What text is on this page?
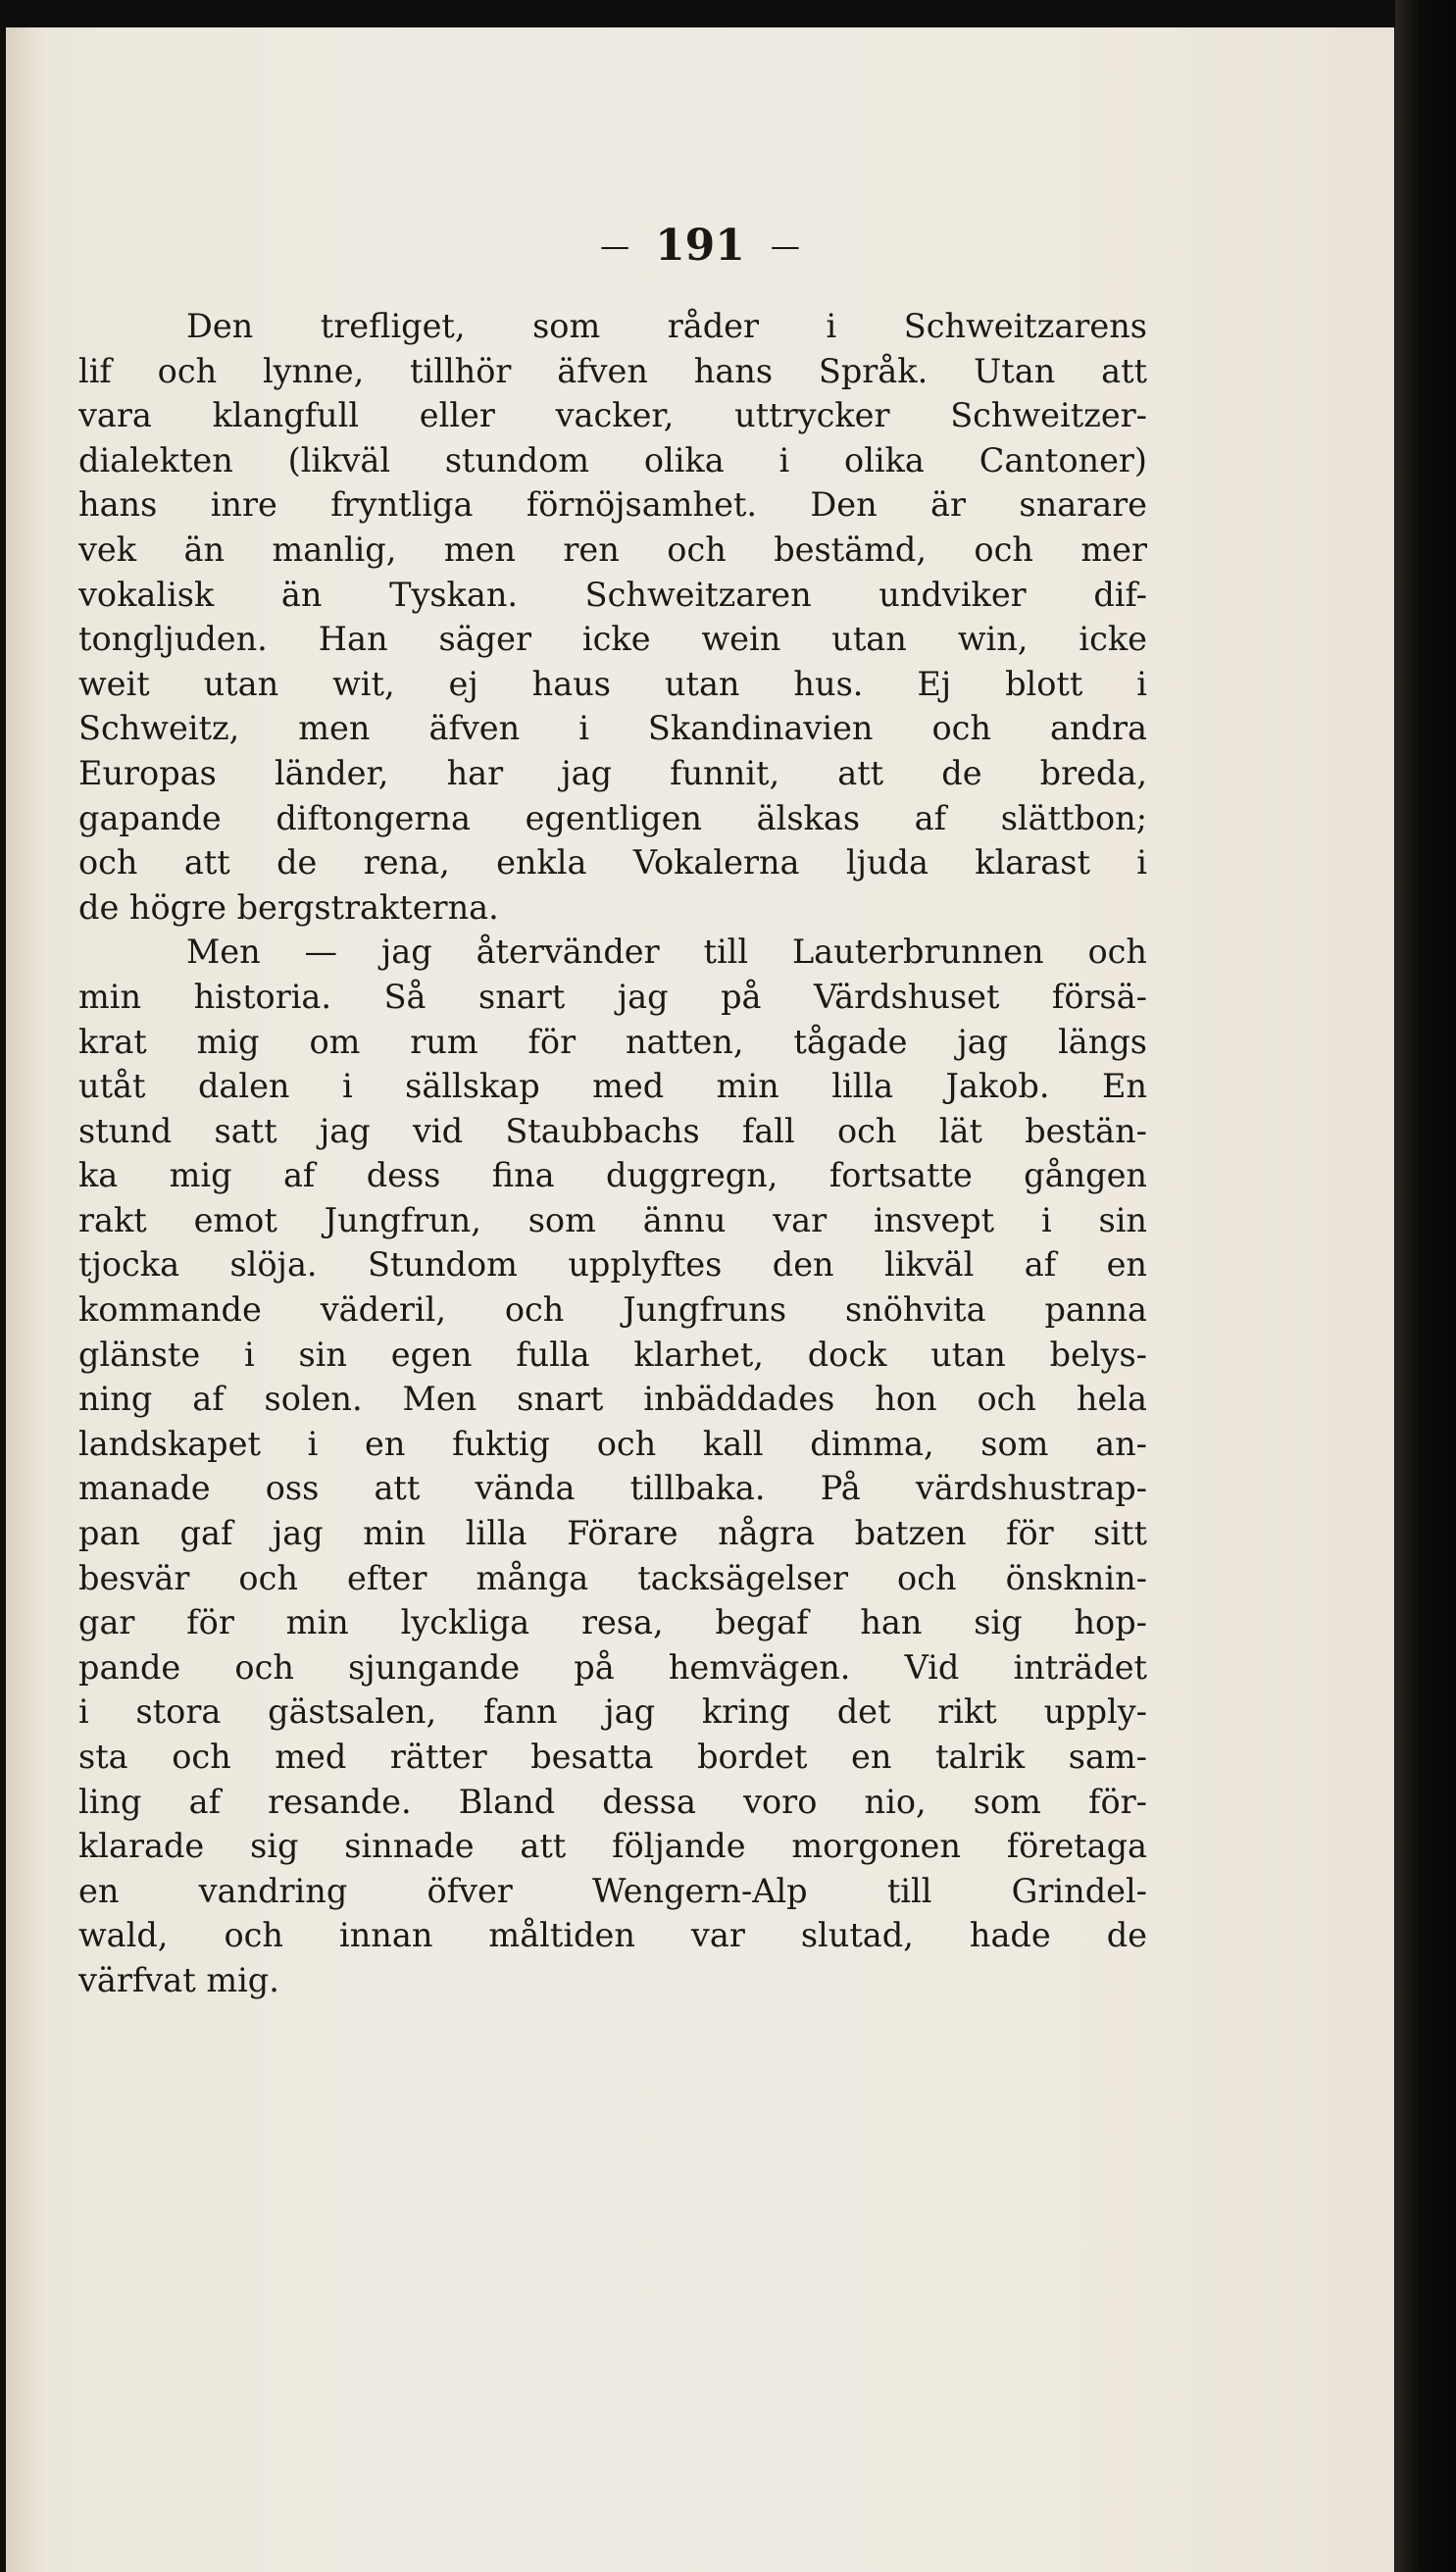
— 191 —
Den trefliget, som råder i Schweitzarens
lif och lynne, tillhör äfven hans Språk. Utan att
vara klangfull eller vacker, uttrycker Schweitzer-
dialekten (likväl stundom olika i olika Cantoner)
hans inre fryntliga förnöjsamhet. Den är snarare
vek än manlig, men ren och bestämd, och mer
vokalisk än Tyskan. Schweitzaren undviker dif-
tongljuden. Han säger icke wein utan win, icke
weit utan wit, ej haus utan hus. Ej blott i
Schweitz, men äfven i Skandinavien och andra
Europas länder, har jag funnit, att de breda,
gapande diftongerna egentligen älskas af slättbon;
och att de rena, enkla Vokalerna ljuda klarast i
de högre bergstrakterna.
Men — jag återvänder till Lauterbrunnen och
min historia. Så snart jag på Värdshuset försä-
krat mig om rum för natten, tågade jag längs
utåt dalen i sällskap med min lilla Jakob. En
stund satt jag vid Staubbachs fall och lät bestän-
ka mig af dess fina duggregn, fortsatte gången
rakt emot Jungfrun, som ännu var insvept i sin
tjocka slöja. Stundom upplyftes den likväl af en
kommande väderil, och Jungfruns snöhvita panna
glänste i sin egen fulla klarhet, dock utan belys-
ning af solen. Men snart inbäddades hon och hela
landskapet i en fuktig och kall dimma, som an-
manade oss att vända tillbaka. På värdshustrap-
pan gaf jag min lilla Förare några batzen för sitt
besvär och efter många tacksägelser och önsknin-
gar för min lyckliga resa, begaf han sig hop-
pande och sjungande på hemvägen. Vid inträdet
i stora gästsalen, fann jag kring det rikt upply-
sta och med rätter besatta bordet en talrik sam-
ling af resande. Bland dessa voro nio, som för-
klarade sig sinnade att följande morgonen företaga
en vandring öfver Wengern-Alp till Grindel-
wald, och innan måltiden var slutad, hade de
värfvat mig.
